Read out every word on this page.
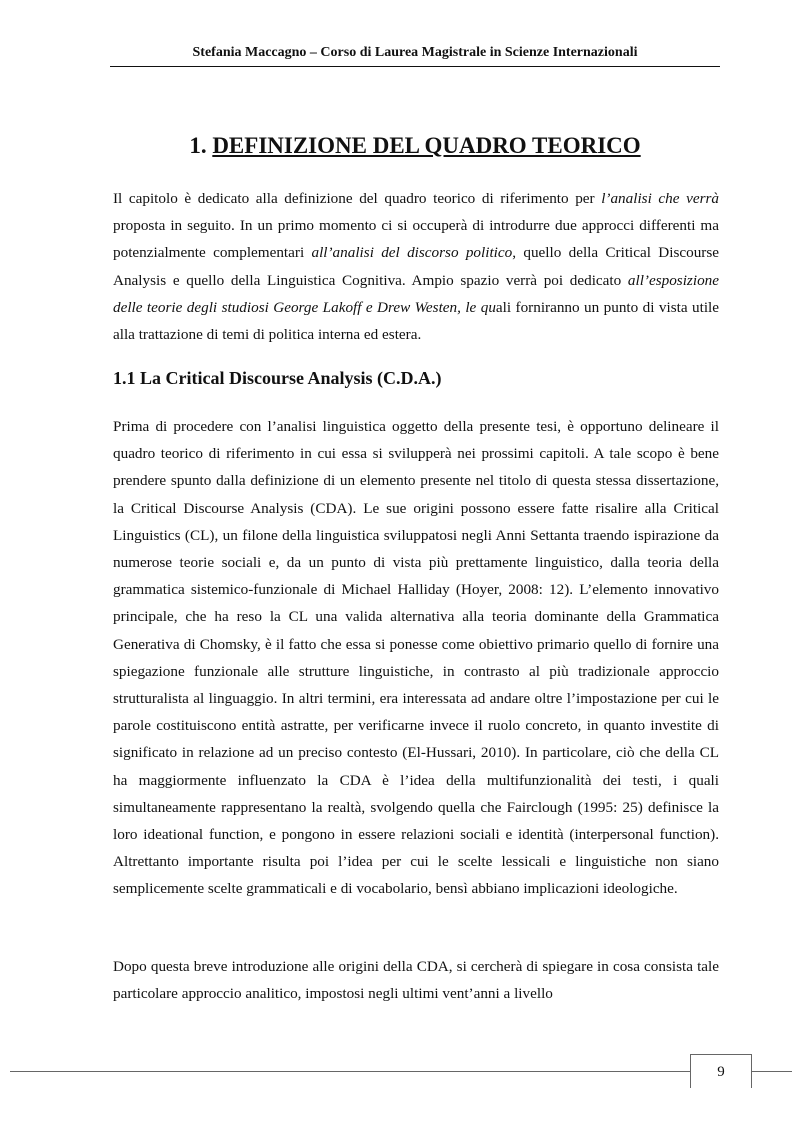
Stefania Maccagno – Corso di Laurea Magistrale in Scienze Internazionali
1. DEFINIZIONE DEL QUADRO TEORICO

Il capitolo è dedicato alla definizione del quadro teorico di riferimento per l’analisi che verrà proposta in seguito. In un primo momento ci si occuperà di introdurre due approcci differenti ma potenzialmente complementari all’analisi del discorso politico, quello della Critical Discourse Analysis e quello della Linguistica Cognitiva. Ampio spazio verrà poi dedicato all’esposizione delle teorie degli studiosi George Lakoff e Drew Westen, le quali forniranno un punto di vista utile alla trattazione di temi di politica interna ed estera.

1.1 La Critical Discourse Analysis (C.D.A.)

Prima di procedere con l’analisi linguistica oggetto della presente tesi, è opportuno delineare il quadro teorico di riferimento in cui essa si svilupperà nei prossimi capitoli. A tale scopo è bene prendere spunto dalla definizione di un elemento presente nel titolo di questa stessa dissertazione, la Critical Discourse Analysis (CDA). Le sue origini possono essere fatte risalire alla Critical Linguistics (CL), un filone della linguistica sviluppatosi negli Anni Settanta traendo ispirazione da numerose teorie sociali e, da un punto di vista più prettamente linguistico, dalla teoria della grammatica sistemico-funzionale di Michael Halliday (Hoyer, 2008: 12). L’elemento innovativo principale, che ha reso la CL una valida alternativa alla teoria dominante della Grammatica Generativa di Chomsky, è il fatto che essa si ponesse come obiettivo primario quello di fornire una spiegazione funzionale alle strutture linguistiche, in contrasto al più tradizionale approccio strutturalista al linguaggio. In altri termini, era interessata ad andare oltre l’impostazione per cui le parole costituiscono entità astratte, per verificarne invece il ruolo concreto, in quanto investite di significato in relazione ad un preciso contesto (El-Hussari, 2010). In particolare, ciò che della CL ha maggiormente influenzato la CDA è l’idea della multifunzionalità dei testi, i quali simultaneamente rappresentano la realtà, svolgendo quella che Fairclough (1995: 25) definisce la loro ideational function, e pongono in essere relazioni sociali e identità (interpersonal function). Altrettanto importante risulta poi l’idea per cui le scelte lessicali e linguistiche non siano semplicemente scelte grammaticali e di vocabolario, bensì abbiano implicazioni ideologiche.

Dopo questa breve introduzione alle origini della CDA, si cercherà di spiegare in cosa consista tale particolare approccio analitico, impostosi negli ultimi vent’anni a livello

9
